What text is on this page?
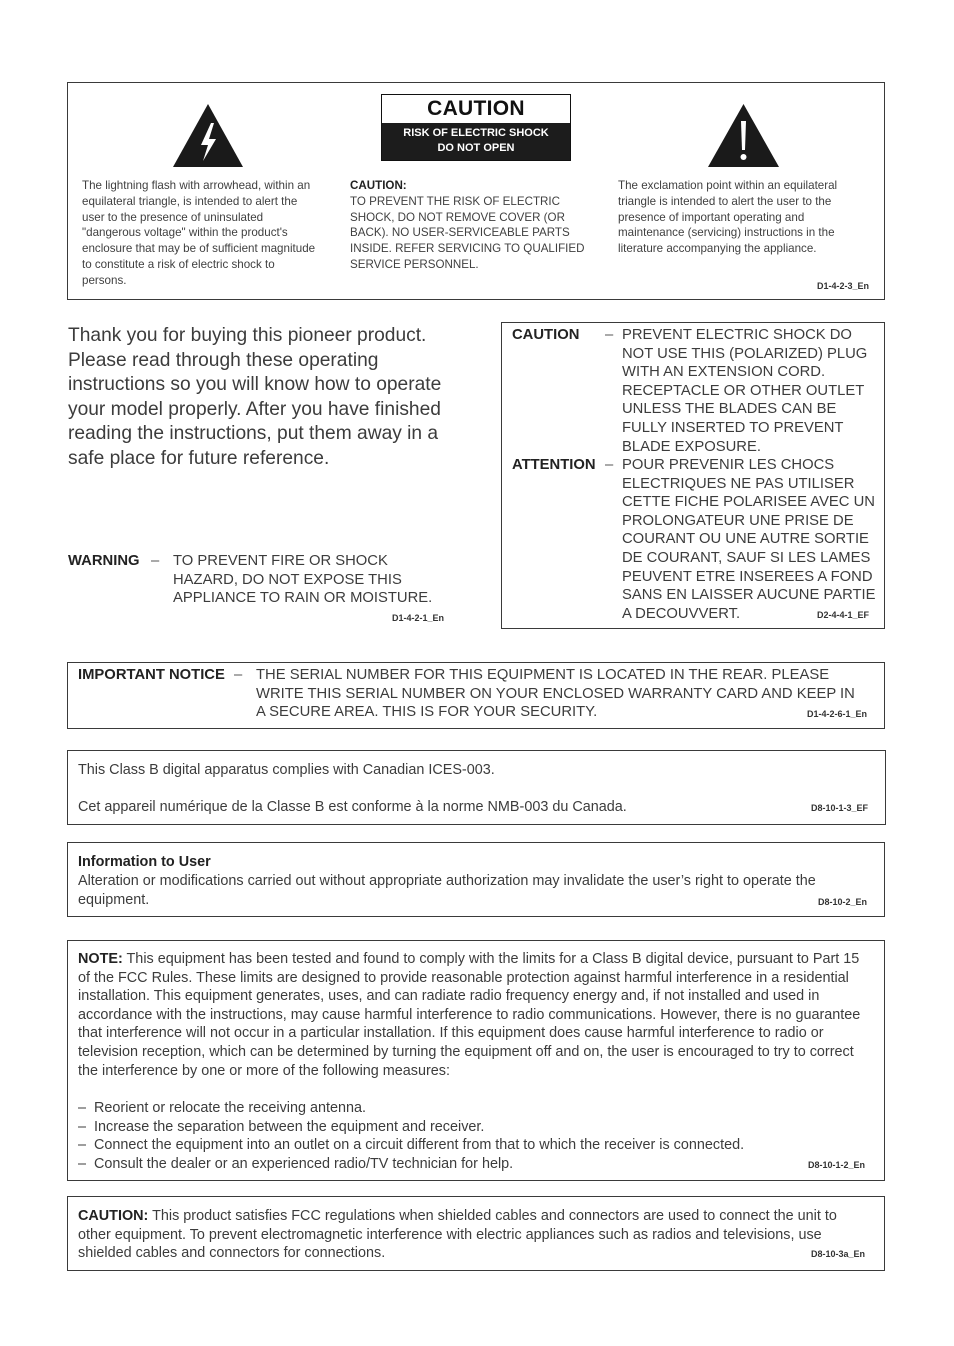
CAUTION
RISK OF ELECTRIC SHOCK
DO NOT OPEN
The lightning flash with arrowhead, within an equilateral triangle, is intended to alert the user to the presence of uninsulated "dangerous voltage" within the product's enclosure that may be of sufficient magnitude to constitute a risk of electric shock to persons.
CAUTION:
TO PREVENT THE RISK OF ELECTRIC SHOCK, DO NOT REMOVE COVER (OR BACK). NO USER-SERVICEABLE PARTS INSIDE. REFER SERVICING TO QUALIFIED SERVICE PERSONNEL.
The exclamation point within an equilateral triangle is intended to alert the user to the presence of important operating and maintenance (servicing) instructions in the literature accompanying the appliance.
D1-4-2-3_En
Thank you for buying this pioneer product. Please read through these operating instructions so you will know how to operate your model properly. After you have finished reading the instructions, put them away in a safe place for future reference.
WARNING – TO PREVENT FIRE OR SHOCK HAZARD, DO NOT EXPOSE THIS APPLIANCE TO RAIN OR MOISTURE.
D1-4-2-1_En
CAUTION – PREVENT ELECTRIC SHOCK DO NOT USE THIS (POLARIZED) PLUG WITH AN EXTENSION CORD. RECEPTACLE OR OTHER OUTLET UNLESS THE BLADES CAN BE FULLY INSERTED TO PREVENT BLADE EXPOSURE.
ATTENTION – POUR PREVENIR LES CHOCS ELECTRIQUES NE PAS UTILISER CETTE FICHE POLARISEE AVEC UN PROLONGATEUR UNE PRISE DE COURANT OU UNE AUTRE SORTIE DE COURANT, SAUF SI LES LAMES PEUVENT ETRE INSEREES A FOND SANS EN LAISSER AUCUNE PARTIE A DECOUVVERT.	D2-4-4-1_EF
IMPORTANT NOTICE – THE SERIAL NUMBER FOR THIS EQUIPMENT IS LOCATED IN THE REAR. PLEASE WRITE THIS SERIAL NUMBER ON YOUR ENCLOSED WARRANTY CARD AND KEEP IN A SECURE AREA. THIS IS FOR YOUR SECURITY.	D1-4-2-6-1_En
This Class B digital apparatus complies with Canadian ICES-003.
Cet appareil numérique de la Classe B est conforme à la norme NMB-003 du Canada.	D8-10-1-3_EF
Information to User
Alteration or modifications carried out without appropriate authorization may invalidate the user’s right to operate the equipment.	D8-10-2_En
NOTE: This equipment has been tested and found to comply with the limits for a Class B digital device, pursuant to Part 15 of the FCC Rules. These limits are designed to provide reasonable protection against harmful interference in a residential installation. This equipment generates, uses, and can radiate radio frequency energy and, if not installed and used in accordance with the instructions, may cause harmful interference to radio communications. However, there is no guarantee that interference will not occur in a particular installation. If this equipment does cause harmful interference to radio or television reception, which can be determined by turning the equipment off and on, the user is encouraged to try to correct the interference by one or more of the following measures:
– Reorient or relocate the receiving antenna.
– Increase the separation between the equipment and receiver.
– Connect the equipment into an outlet on a circuit different from that to which the receiver is connected.
– Consult the dealer or an experienced radio/TV technician for help.	D8-10-1-2_En
CAUTION: This product satisfies FCC regulations when shielded cables and connectors are used to connect the unit to other equipment. To prevent electromagnetic interference with electric appliances such as radios and televisions, use shielded cables and connectors for connections.	D8-10-3a_En
